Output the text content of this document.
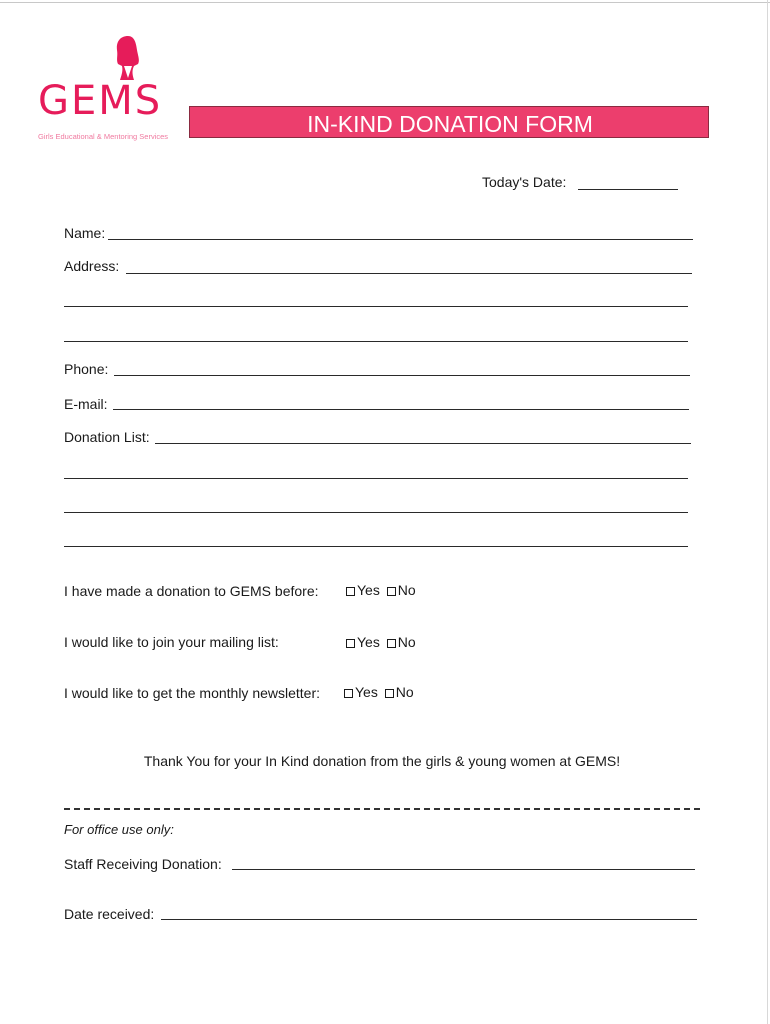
GEMS
Girls Educational & Mentoring Services	IN-KIND DONATION FORM
Today's Date:
Name:
Address:
Phone:
E-mail:
Donation List:
I have made a donation to GEMS before:	Yes No
I would like to join your mailing list:	Yes No
I would like to get the monthly newsletter:	Yes No
Thank You for your In Kind donation from the girls & young women at GEMS!
For office use only:
Staff Receiving Donation:
Date received:
